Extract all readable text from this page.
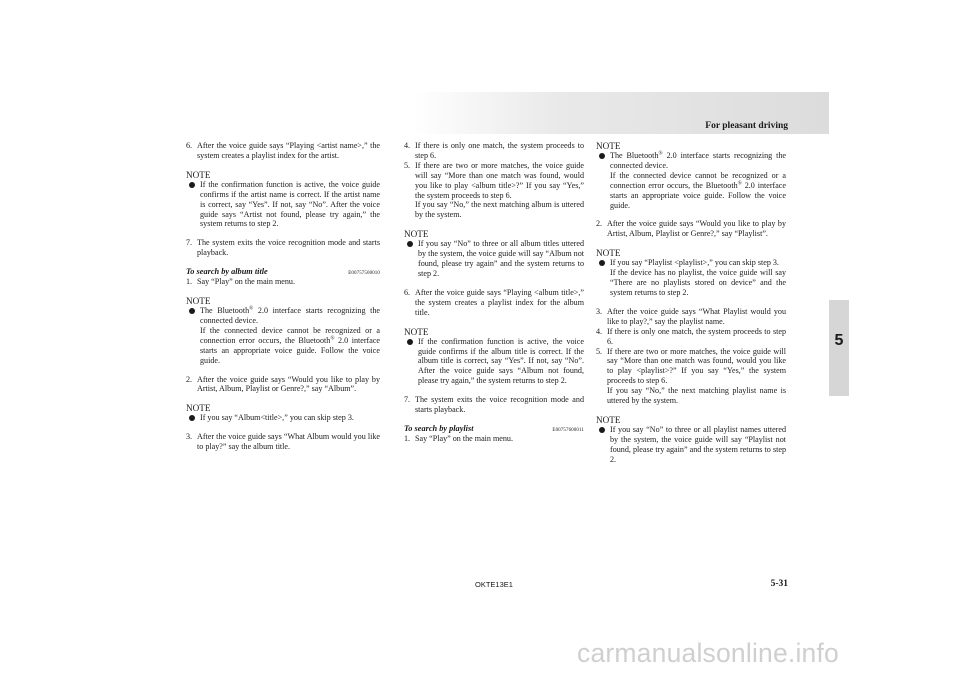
For pleasant driving
5
6. After the voice guide says “Playing <artist name>,” the system creates a playlist index for the artist.
NOTE
If the confirmation function is active, the voice guide confirms if the artist name is correct. If the artist name is correct, say “Yes”. If not, say “No”. After the voice guide says “Artist not found, please try again,” the system returns to step 2.
7. The system exits the voice recognition mode and starts playback.
To search by album title	E00757500010
1. Say “Play” on the main menu.
NOTE

The Bluetooth® 2.0 interface starts recognizing the connected device.

If the connected device cannot be recognized or a connection error occurs, the Bluetooth® 2.0 interface starts an appropriate voice guide. Follow the voice guide.

2. After the voice guide says “Would you like to play by Artist, Album, Playlist or Genre?,” say “Album”.
NOTE
If you say “Album<title>,” you can skip step 3.
3. After the voice guide says “What Album would you like to play?” say the album title.
4. If there is only one match, the system proceeds to step 6.
5. If there are two or more matches, the voice guide will say “More than one match was found, would you like to play <album title>?” If you say “Yes,” the system proceeds to step 6.

If you say “No,” the next matching album is uttered by the system.

NOTE
If you say “No” to three or all album titles uttered by the system, the voice guide will say “Album not found, please try again” and the system returns to step 2.
6. After the voice guide says “Playing <album title>,” the system creates a playlist index for the album title.
NOTE
If the confirmation function is active, the voice guide confirms if the album title is correct. If the album title is correct, say “Yes”. If not, say “No”. After the voice guide says “Album not found, please try again,” the system returns to step 2.
7. The system exits the voice recognition mode and starts playback.
To search by playlist	E00757600011
1. Say “Play” on the main menu.
NOTE

The Bluetooth® 2.0 interface starts recognizing the connected device.

If the connected device cannot be recognized or a connection error occurs, the Bluetooth® 2.0 interface starts an appropriate voice guide. Follow the voice guide.

2. After the voice guide says “Would you like to play by Artist, Album, Playlist or Genre?,” say “Playlist”.
NOTE

If you say “Playlist <playlist>,” you can skip step 3.

If the device has no playlist, the voice guide will say “There are no playlists stored on device” and the system returns to step 2.

3. After the voice guide says “What Playlist would you like to play?,” say the playlist name.
4. If there is only one match, the system proceeds to step 6.
5. If there are two or more matches, the voice guide will say “More than one match was found, would you like to play <playlist>?” If you say “Yes,” the system proceeds to step 6.

If you say “No,” the next matching playlist name is uttered by the system.

NOTE
If you say “No” to three or all playlist names uttered by the system, the voice guide will say “Playlist not found, please try again” and the system returns to step 2.
OKTE13E1	5-31
carmanualsonline.info
